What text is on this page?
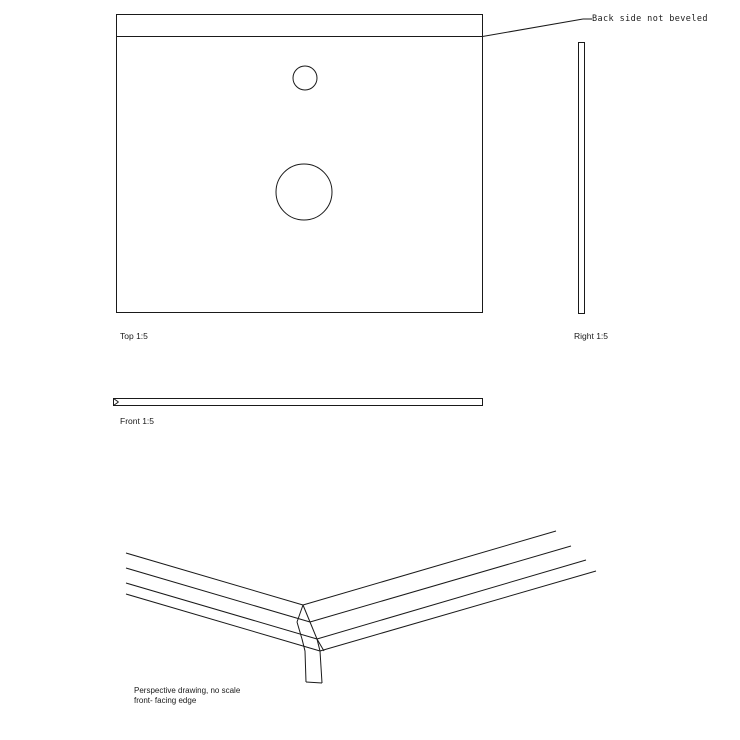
Top 1:5	Right 1:5
Front 1:5
Back side not beveled
Perspective drawing, no scale
front- facing edge
